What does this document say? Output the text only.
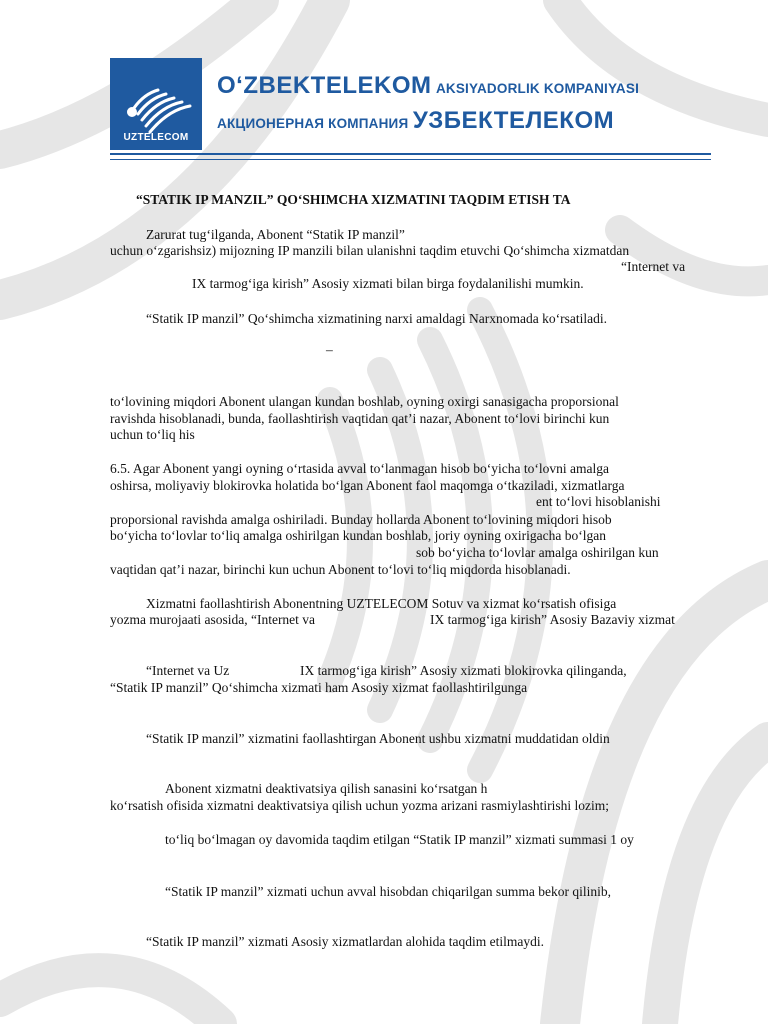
UZTELECOM
O‘ZBEKTELEKOM AKSIYADORLIK KOMPANIYASI
АКЦИОНЕРНАЯ КОМПАНИЯ УЗБЕКТЕЛЕКОМ

“STATIK IP MANZIL” QO‘SHIMCHA XIZMATINI TAQDIM ETISH TA

Zarurat tug‘ilganda, Abonent “Statik IP manzil”

uchun o‘zgarishsiz) mijozning IP manzili bilan ulanishni taqdim etuvchi Qo‘shimcha xizmatdan

“Internet va

IX tarmog‘iga kirish” Asosiy xizmati bilan birga foydalanilishi mumkin.

“Statik IP manzil” Qo‘shimcha xizmatining narxi amaldagi Narxnomada ko‘rsatiladi.

–

to‘lovining miqdori Abonent ulangan kundan boshlab, oyning oxirgi sanasigacha proporsional

ravishda hisoblanadi, bunda, faollashtirish vaqtidan qat’i nazar, Abonent to‘lovi birinchi kun

uchun to‘liq his

6.5. Agar Abonent yangi oyning o‘rtasida avval to‘lanmagan hisob bo‘yicha to‘lovni amalga

oshirsa, moliyaviy blokirovka holatida bo‘lgan Abonent faol maqomga o‘tkaziladi, xizmatlarga

ent to‘lovi hisoblanishi

proporsional ravishda amalga oshiriladi. Bunday hollarda Abonent to‘lovining miqdori hisob

bo‘yicha to‘lovlar to‘liq amalga oshirilgan kundan boshlab, joriy oyning oxirigacha bo‘lgan

sob bo‘yicha to‘lovlar amalga oshirilgan kun

vaqtidan qat’i nazar, birinchi kun uchun Abonent to‘lovi to‘liq miqdorda hisoblanadi.

Xizmatni faollashtirish Abonentning UZTELECOM Sotuv va xizmat ko‘rsatish ofisiga

yozma murojaati asosida, “Internet va	IX tarmog‘iga kirish” Asosiy Bazaviy xizmat

“Internet va Uz	IX tarmog‘iga kirish” Asosiy xizmati blokirovka qilinganda,

“Statik IP manzil” Qo‘shimcha xizmati ham Asosiy xizmat faollashtirilgunga

“Statik IP manzil” xizmatini faollashtirgan Abonent ushbu xizmatni muddatidan oldin

Abonent xizmatni deaktivatsiya qilish sanasini ko‘rsatgan h

ko‘rsatish ofisida xizmatni deaktivatsiya qilish uchun yozma arizani rasmiylashtirishi lozim;

to‘liq bo‘lmagan oy davomida taqdim etilgan “Statik IP manzil” xizmati summasi 1 oy

“Statik IP manzil” xizmati uchun avval hisobdan chiqarilgan summa bekor qilinib,

“Statik IP manzil” xizmati Asosiy xizmatlardan alohida taqdim etilmaydi.
